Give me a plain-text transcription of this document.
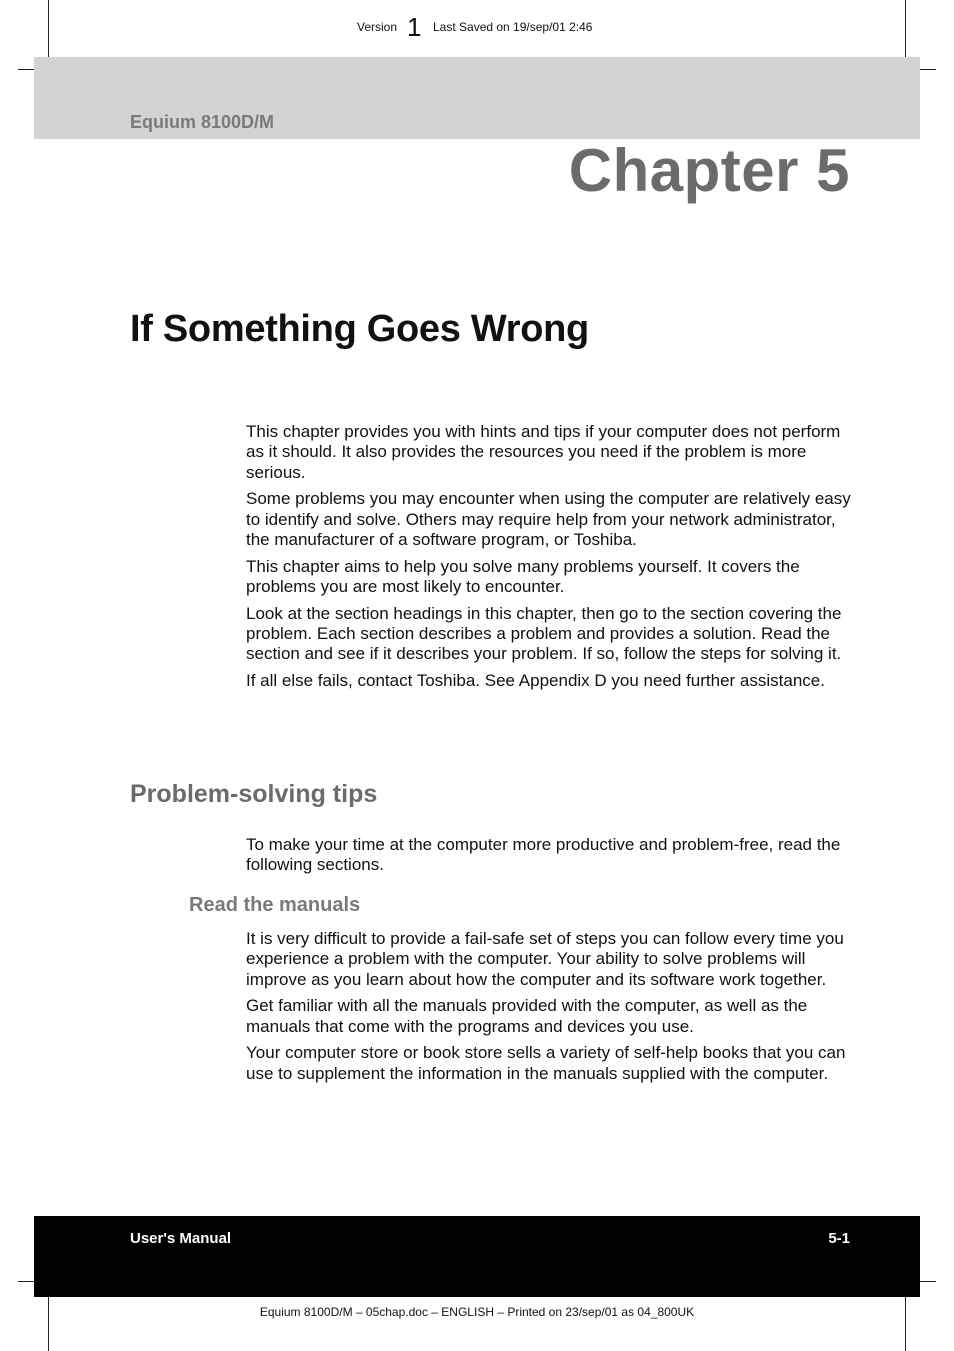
Version 1 Last Saved on 19/sep/01 2:46
Equium 8100D/M
Chapter 5
If Something Goes Wrong

This chapter provides you with hints and tips if your computer does not perform as it should. It also provides the resources you need if the problem is more serious.

Some problems you may encounter when using the computer are relatively easy to identify and solve. Others may require help from your network administrator, the manufacturer of a software program, or Toshiba.

This chapter aims to help you solve many problems yourself. It covers the problems you are most likely to encounter.

Look at the section headings in this chapter, then go to the section covering the problem. Each section describes a problem and provides a solution. Read the section and see if it describes your problem. If so, follow the steps for solving it.

If all else fails, contact Toshiba. See Appendix D you need further assistance.

Problem-solving tips

To make your time at the computer more productive and problem-free, read the following sections.

Read the manuals

It is very difficult to provide a fail-safe set of steps you can follow every time you experience a problem with the computer. Your ability to solve problems will improve as you learn about how the computer and its software work together.

Get familiar with all the manuals provided with the computer, as well as the manuals that come with the programs and devices you use.

Your computer store or book store sells a variety of self-help books that you can use to supplement the information in the manuals supplied with the computer.

User's Manual	5-1
Equium 8100D/M – 05chap.doc – ENGLISH – Printed on 23/sep/01 as 04_800UK
